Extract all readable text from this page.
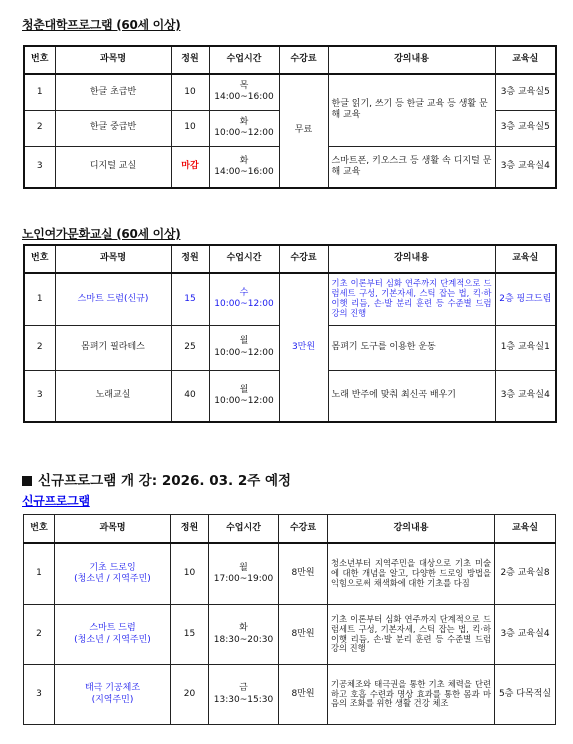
청춘대학프로그램 (60세 이상)
번호	과목명	정원	수업시간	수강료	강의내용	교육실
1	한글 초급반	10	목
14:00~16:00	무료	한글 읽기, 쓰기 등 한글 교육 등 생활 문해 교육	3층 교육실5
2	한글 중급반	10	화
10:00~12:00			3층 교육실5
3	디지털 교실	마감	화
14:00~16:00		스마트폰, 키오스크 등 생활 속 디지털 문해 교육	3층 교육실4
노인여가문화교실 (60세 이상)
번호	과목명	정원	수업시간	수강료	강의내용	교육실
1	스마트 드럼(신규)	15	수
10:00~12:00	3만원	기초 이론부터 심화 연주까지 단계적으로 드럼세트 구성, 기본자세, 스틱 잡는 법, 킥·하이햇 리듬, 손·발 분리 훈련 등 수준별 드럼 강의 진행	2층 핑크드림
2	몸펴기 필라테스	25	월
10:00~12:00		몸펴기 도구를 이용한 운동	1층 교육실1
3	노래교실	40	월
10:00~12:00		노래 반주에 맞춰 최신곡 배우기	3층 교육실4
신규프로그램 개 강: 2026. 03. 2주 예정
신규프로그램
번호	과목명	정원	수업시간	수강료	강의내용	교육실
1	기초 드로잉
(청소년 / 지역주민)	10	월
17:00~19:00	8만원	청소년부터 지역주민을 대상으로 기초 미술에 대한 개념을 알고, 다양한 드로잉 방법을 익힘으로써 채색화에 대한 기초를 다짐	2층 교육실8
2	스마트 드럼
(청소년 / 지역주민)	15	화
18:30~20:30	8만원	기초 이론부터 심화 연주까지 단계적으로 드럼세트 구성, 기본자세, 스틱 잡는 법, 킥·하이햇 리듬, 손·발 분리 훈련 등 수준별 드럼 강의 진행	3층 교육실4
3	태극 기공체조
(지역주민)	20	금
13:30~15:30	8만원	기공체조와 태극권을 통한 기초 체력을 단련하고 호흡 수련과 명상 효과를 통한 몸과 마음의 조화를 위한 생활 건강 체조	5층 다목적실
